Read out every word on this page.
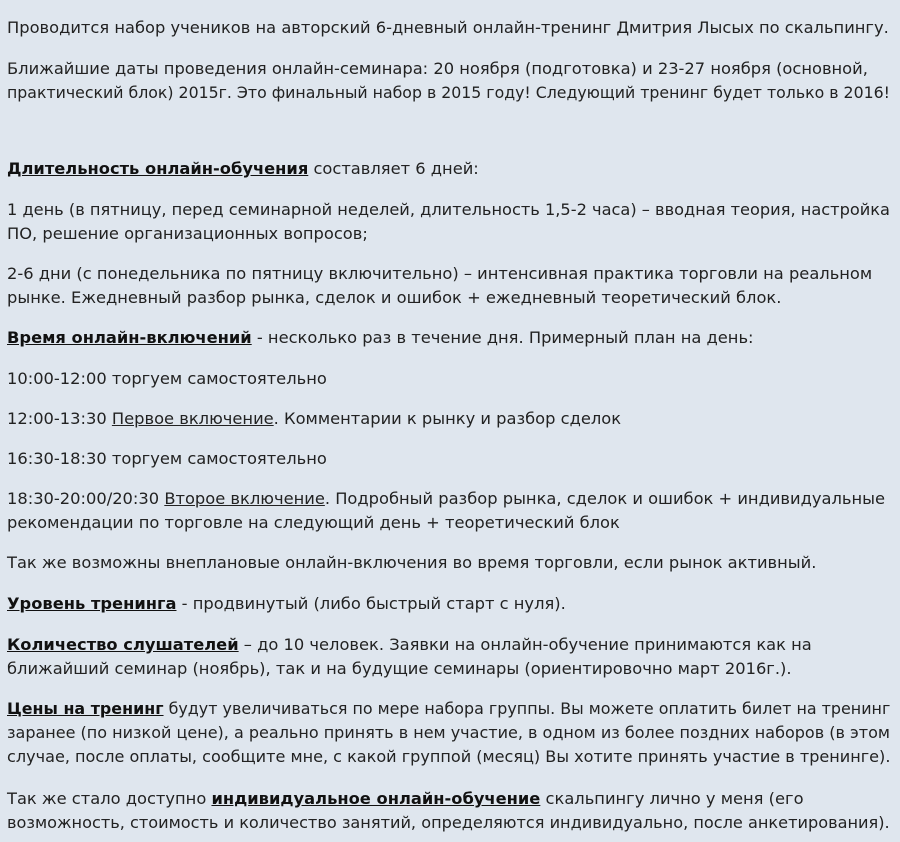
Проводится набор учеников на авторский 6-дневный онлайн-тренинг Дмитрия Лысых по скальпингу.

Ближайшие даты проведения онлайн-семинара: 20 ноября (подготовка) и 23-27 ноября (основной,

практический блок) 2015г. Это финальный набор в 2015 году! Следующий тренинг будет только в 2016!

Длительность онлайн-обучения составляет 6 дней:

1 день (в пятницу, перед семинарной неделей, длительность 1,5-2 часа) – вводная теория, настройка

ПО, решение организационных вопросов;

2-6 дни (с понедельника по пятницу включительно) – интенсивная практика торговли на реальном

рынке. Ежедневный разбор рынка, сделок и ошибок + ежедневный теоретический блок.

Время онлайн-включений - несколько раз в течение дня. Примерный план на день:

10:00-12:00 торгуем самостоятельно

12:00-13:30 Первое включение. Комментарии к рынку и разбор сделок

16:30-18:30 торгуем самостоятельно

18:30-20:00/20:30 Второе включение. Подробный разбор рынка, сделок и ошибок + индивидуальные

рекомендации по торговле на следующий день + теоретический блок

Так же возможны внеплановые онлайн-включения во время торговли, если рынок активный.

Уровень тренинга - продвинутый (либо быстрый старт с нуля).

Количество слушателей – до 10 человек. Заявки на онлайн-обучение принимаются как на

ближайший семинар (ноябрь), так и на будущие семинары (ориентировочно март 2016г.).

Цены на тренинг будут увеличиваться по мере набора группы. Вы можете оплатить билет на тренинг

заранее (по низкой цене), а реально принять в нем участие, в одном из более поздних наборов (в этом

случае, после оплаты, сообщите мне, с какой группой (месяц) Вы хотите принять участие в тренинге).

Так же стало доступно индивидуальное онлайн-обучение скальпингу лично у меня (его

возможность, стоимость и количество занятий, определяются индивидуально, после анкетирования).
